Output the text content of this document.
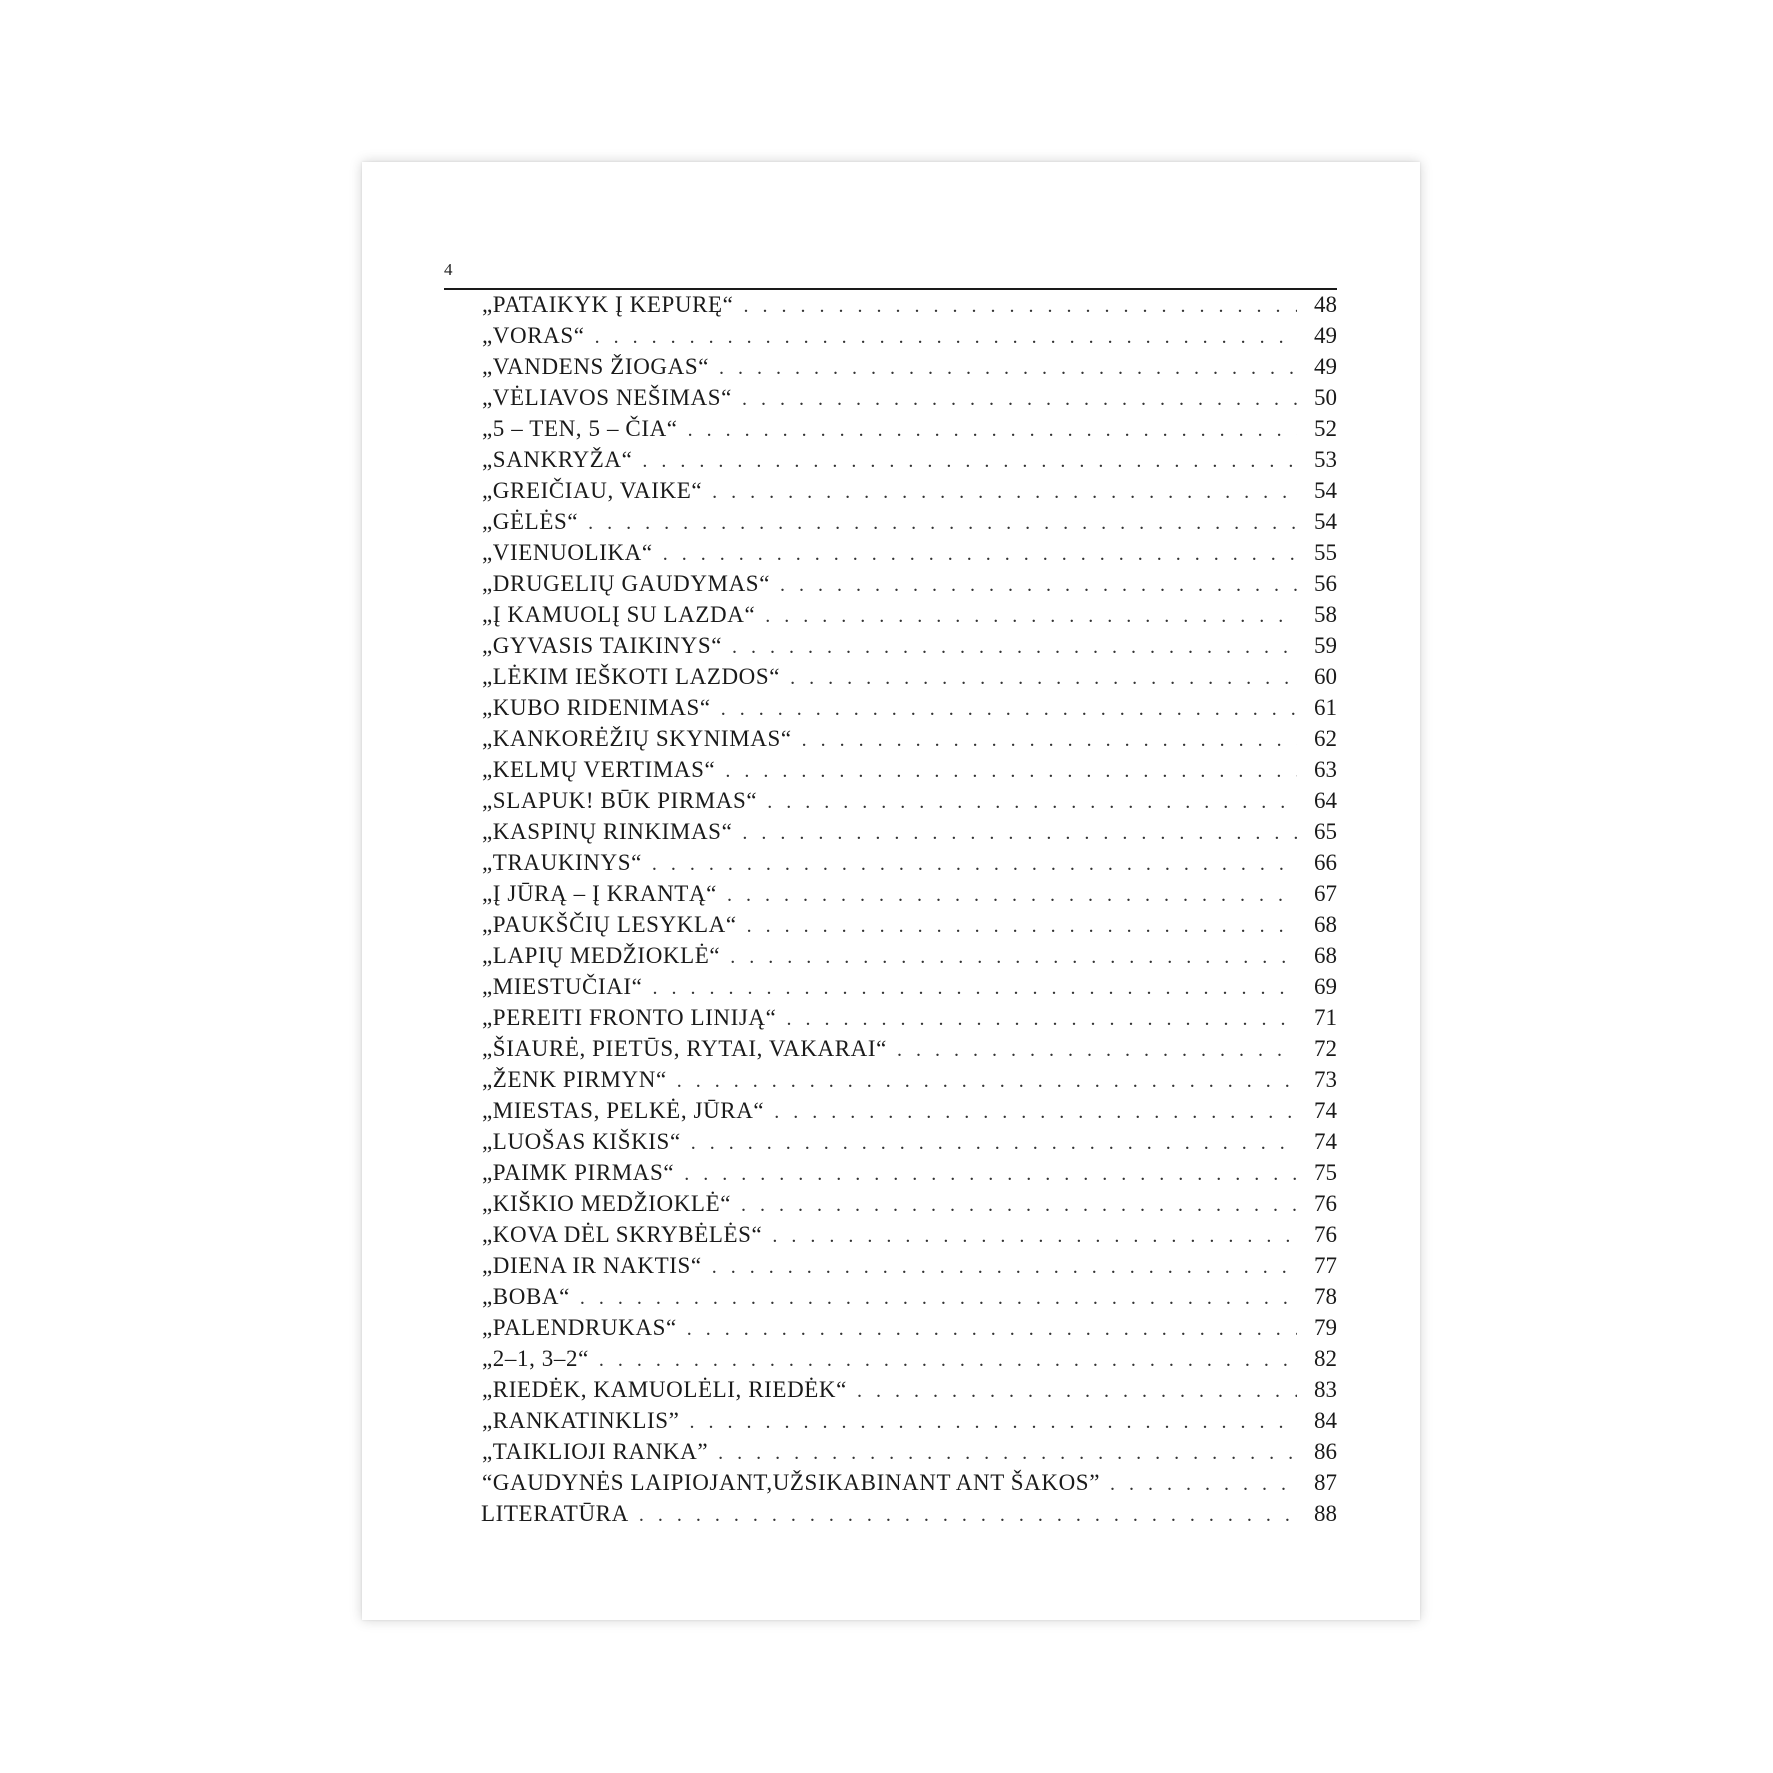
4
„PATAIKYK Į KEPURĘ“ . . .	48
„VORAS“ . . .	49
„VANDENS ŽIOGAS“ . . .	49
„VĖLIAVOS NEŠIMAS“ . . .	50
„5 – TEN, 5 – ČIA“ . . .	52
„SANKRYŽA“ . . .	53
„GREIČIAU, VAIKE“ . . .	54
„GĖLĖS“ . . .	54
„VIENUOLIKA“ . . .	55
„DRUGELIŲ GAUDYMAS“ . . .	56
„Į KAMUOLĮ SU LAZDA“ . . .	58
„GYVASIS TAIKINYS“ . . .	59
„LĖKIM IEŠKOTI LAZDOS“ . . .	60
„KUBO RIDENIMAS“ . . .	61
„KANKORĖŽIŲ SKYNIMAS“ . . .	62
„KELMŲ VERTIMAS“ . . .	63
„SLAPUK! BŪK PIRMAS“ . . .	64
„KASPINŲ RINKIMAS“ . . .	65
„TRAUKINYS“ . . .	66
„Į JŪRĄ – Į KRANTĄ“ . . .	67
„PAUKŠČIŲ LESYKLA“ . . .	68
„LAPIŲ MEDŽIOKLĖ“ . . .	68
„MIESTUČIAI“ . . .	69
„PEREITI FRONTO LINIJĄ“ . . .	71
„ŠIAURĖ, PIETŪS, RYTAI, VAKARAI“ . . .	72
„ŽENK PIRMYN“ . . .	73
„MIESTAS, PELKĖ, JŪRA“ . . .	74
„LUOŠAS KIŠKIS“ . . .	74
„PAIMK PIRMAS“ . . .	75
„KIŠKIO MEDŽIOKLĖ“ . . .	76
„KOVA DĖL SKRYBĖLĖS“ . . .	76
„DIENA IR NAKTIS“ . . .	77
„BOBA“ . . .	78
„PALENDRUKAS“ . . .	79
„2–1, 3–2“ . . .	82
„RIEDĖK, KAMUOLĖLI, RIEDĖK“ . . .	83
„RANKATINKLIS” . . .	84
„TAIKLIOJI RANKA” . . .	86
“GAUDYNĖS LAIPIOJANT,UŽSIKABINANT ANT ŠAKOS” . . .	87
LITERATŪRA . . .	88
